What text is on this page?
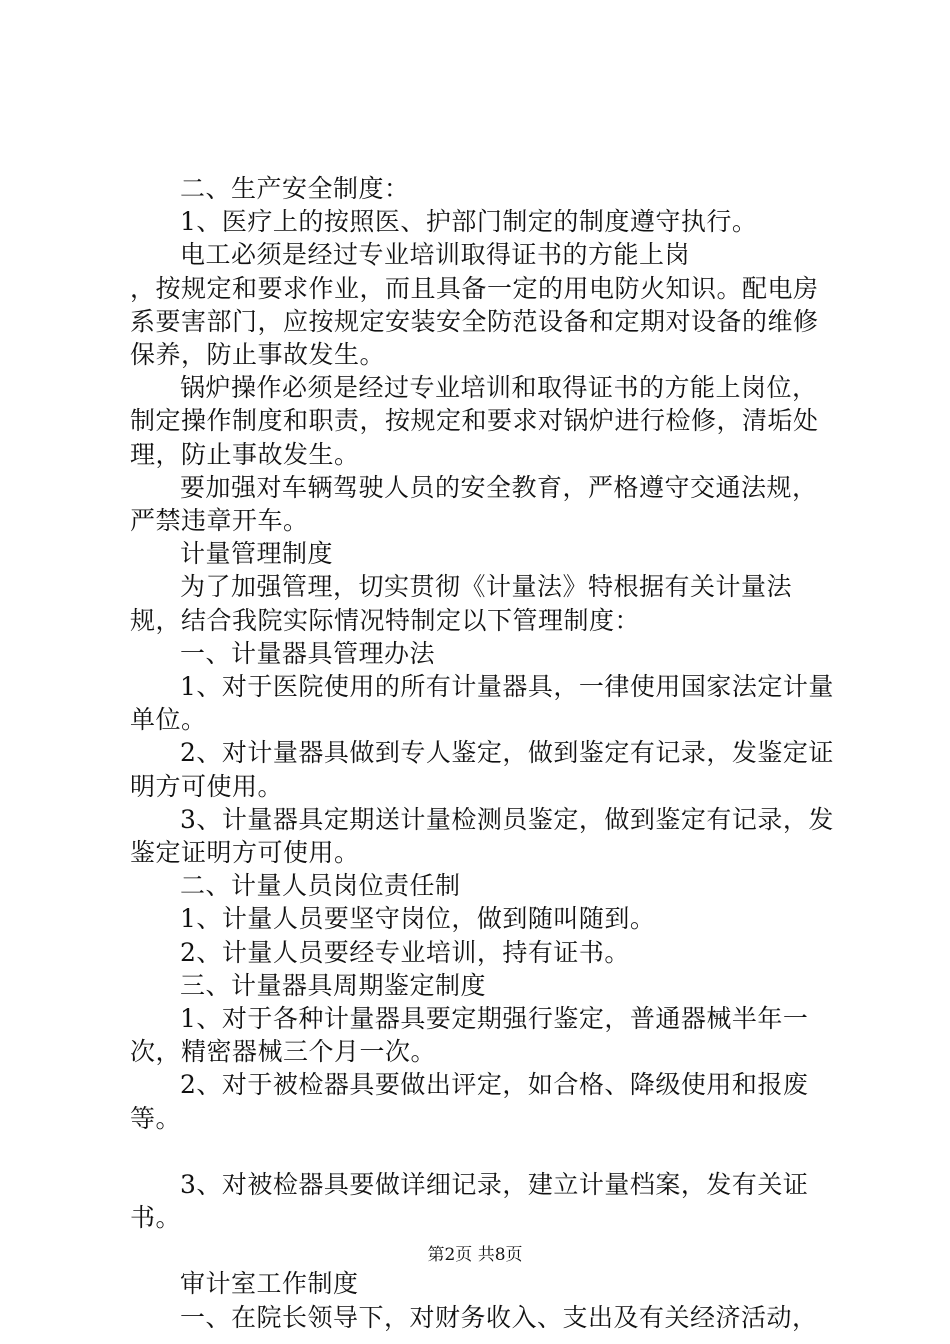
二、生产安全制度：

1、医疗上的按照医、护部门制定的制度遵守执行。

电工必须是经过专业培训取得证书的方能上岗

，按规定和要求作业，而且具备一定的用电防火知识。配电房系要害部门，应按规定安装安全防范设备和定期对设备的维修保养，防止事故发生。

锅炉操作必须是经过专业培训和取得证书的方能上岗位，制定操作制度和职责，按规定和要求对锅炉进行检修，清垢处理，防止事故发生。

要加强对车辆驾驶人员的安全教育，严格遵守交通法规，严禁违章开车。

计量管理制度

为了加强管理，切实贯彻《计量法》特根据有关计量法规，结合我院实际情况特制定以下管理制度：

一、计量器具管理办法

1、对于医院使用的所有计量器具，一律使用国家法定计量单位。

2、对计量器具做到专人鉴定，做到鉴定有记录，发鉴定证明方可使用。

3、计量器具定期送计量检测员鉴定，做到鉴定有记录，发鉴定证明方可使用。

二、计量人员岗位责任制

1、计量人员要坚守岗位，做到随叫随到。

2、计量人员要经专业培训，持有证书。

三、计量器具周期鉴定制度

1、对于各种计量器具要定期强行鉴定，普通器械半年一次，精密器械三个月一次。

2、对于被检器具要做出评定，如合格、降级使用和报废等。

3、对被检器具要做详细记录，建立计量档案，发有关证书。

审计室工作制度

一、在院长领导下，对财务收入、支出及有关经济活动，

第2页 共8页
